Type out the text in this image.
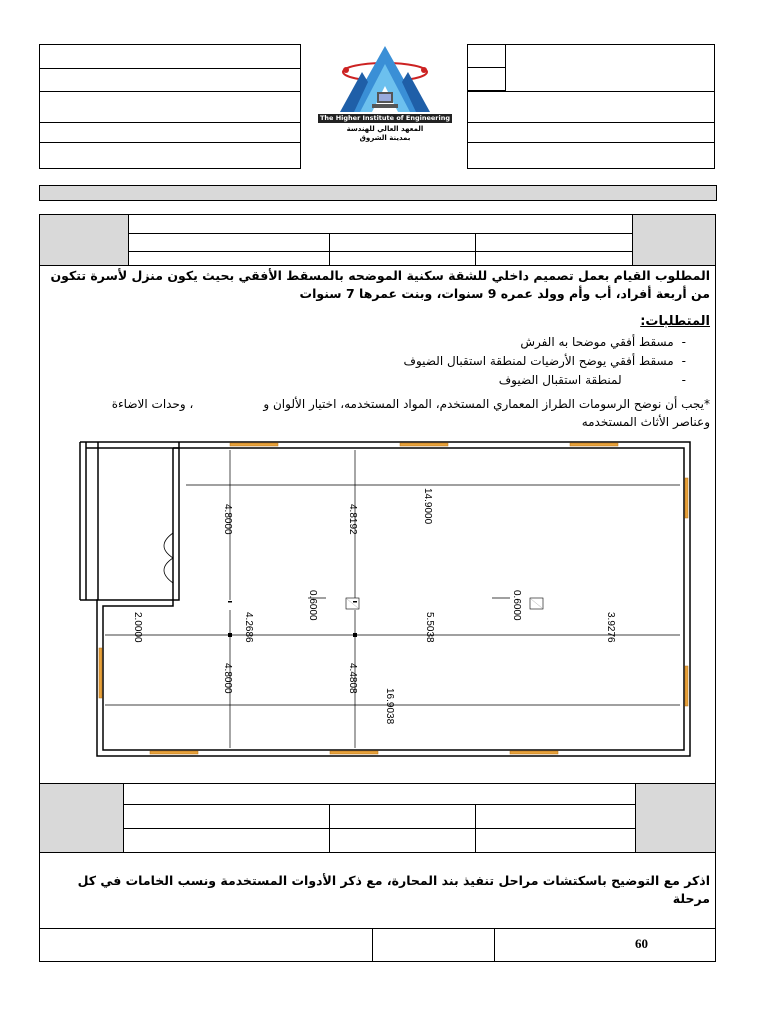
The Higher Institute of Engineering
المعهد العالي للهندسة
بمدينة الشروق
المطلوب القيام بعمل تصميم داخلي للشقة سكنية الموضحه بالمسقط الأفقي بحيث يكون منزل لأسرة تتكون من أربعة أفراد، أب وأم وولد عمره 9 سنوات، وبنت عمرها 7 سنوات
المتطلبات:
-مسقط أفقي موضحا به الفرش
-مسقط أفقي يوضح الأرضيات لمنطقة استقبال الضيوف
-لمنطقة استقبال الضيوف
*يجب أن نوضح الرسومات الطراز المعماري المستخدم، المواد المستخدمه، اختيار الألوان و، وحدات الاضاءة
وعناصر الأثاث المستخدمه
14.9000
4.8000	4.8192
0.6000	0.6000
2.0000	4.2686	5.5038	3.9276
4.8000	4.4808
16.9038
اذكر مع التوضيح باسكتشات مراحل تنفيذ بند المحارة، مع ذكر الأدوات المستخدمة ونسب الخامات في كل مرحلة
60
